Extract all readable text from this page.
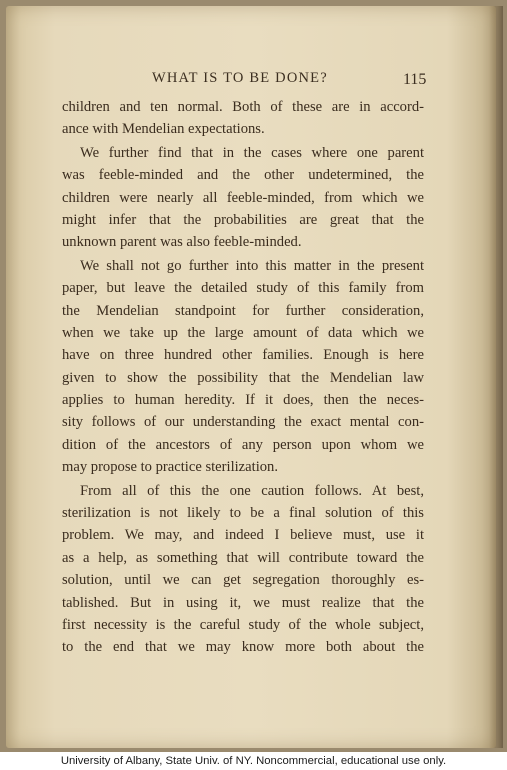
WHAT IS TO BE DONE?	115
children and ten normal. Both of these are in accord-
ance with Mendelian expectations.
We further find that in the cases where one parent
was feeble-minded and the other undetermined, the
children were nearly all feeble-minded, from which we
might infer that the probabilities are great that the
unknown parent was also feeble-minded.
We shall not go further into this matter in the present
paper, but leave the detailed study of this family from
the Mendelian standpoint for further consideration,
when we take up the large amount of data which we
have on three hundred other families. Enough is here
given to show the possibility that the Mendelian law
applies to human heredity. If it does, then the neces-
sity follows of our understanding the exact mental con-
dition of the ancestors of any person upon whom we
may propose to practice sterilization.
From all of this the one caution follows. At best,
sterilization is not likely to be a final solution of this
problem. We may, and indeed I believe must, use it
as a help, as something that will contribute toward the
solution, until we can get segregation thoroughly es-
tablished. But in using it, we must realize that the
first necessity is the careful study of the whole subject,
to the end that we may know more both about the
University of Albany, State Univ. of NY. Noncommercial, educational use only.
